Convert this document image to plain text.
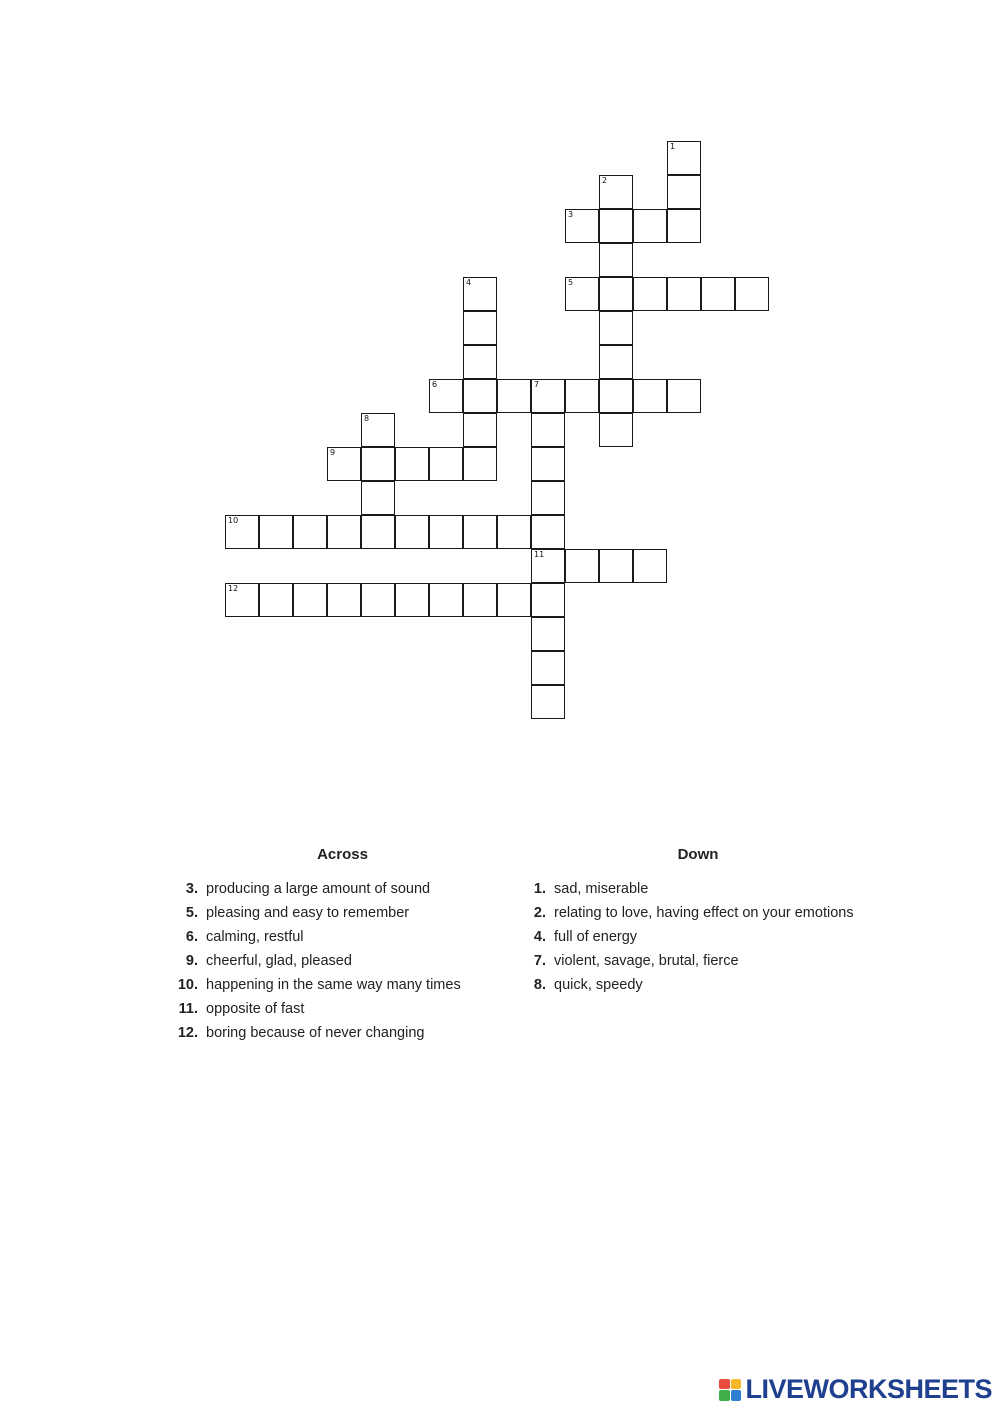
1
2
3
4	5
6	7
8
9
10
11
12
Across
3. producing a large amount of sound
5. pleasing and easy to remember
6. calming, restful
9. cheerful, glad, pleased
10. happening in the same way many times
11. opposite of fast
12. boring because of never changing
Down
1. sad, miserable
2. relating to love, having effect on your emotions
4. full of energy
7. violent, savage, brutal, fierce
8. quick, speedy
LIVEWORKSHEETS
